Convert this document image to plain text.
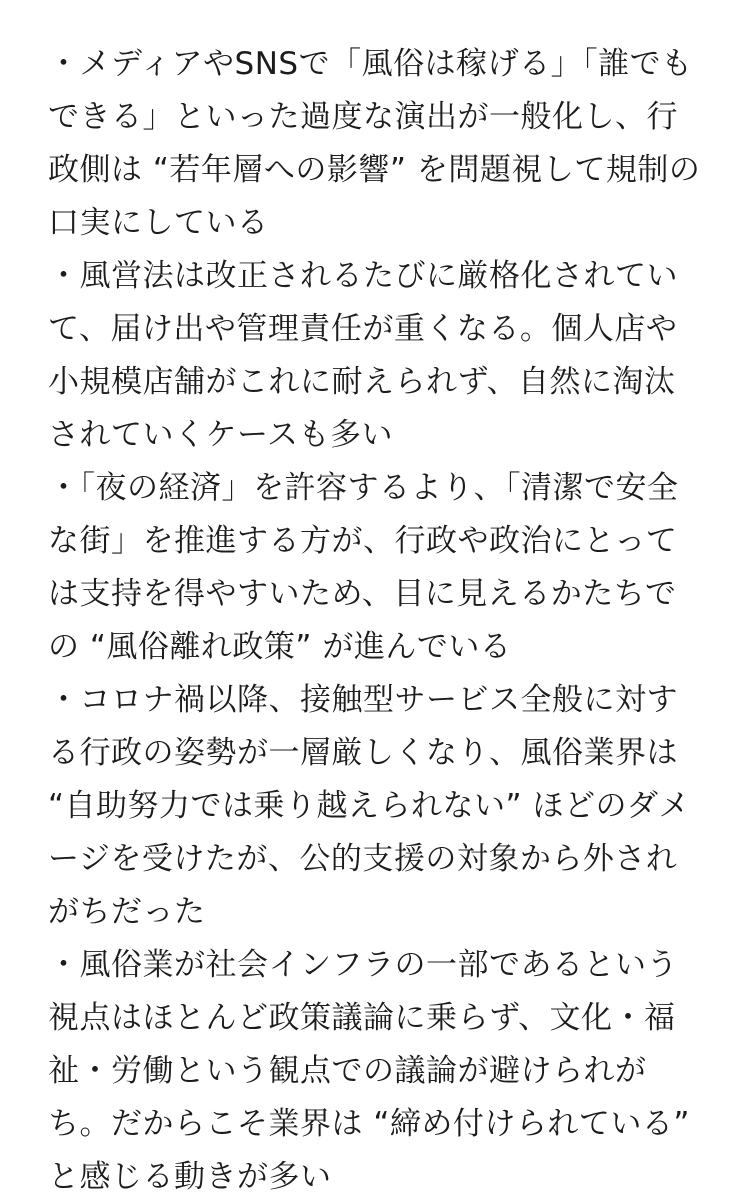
・メディアやSNSで「風俗は稼げる」「誰でも
できる」といった過度な演出が一般化し、行
政側は “若年層への影響” を問題視して規制の
口実にしている
・風営法は改正されるたびに厳格化されてい
て、届け出や管理責任が重くなる。個人店や
小規模店舗がこれに耐えられず、自然に淘汰
されていくケースも多い
・「夜の経済」を許容するより、「清潔で安全
な街」を推進する方が、行政や政治にとって
は支持を得やすいため、目に見えるかたちで
の “風俗離れ政策” が進んでいる
・コロナ禍以降、接触型サービス全般に対す
る行政の姿勢が一層厳しくなり、風俗業界は
“自助努力では乗り越えられない” ほどのダメ
ージを受けたが、公的支援の対象から外され
がちだった
・風俗業が社会インフラの一部であるという
視点はほとんど政策議論に乗らず、文化・福
祉・労働という観点での議論が避けられが
ち。だからこそ業界は “締め付けられている”
と感じる動きが多い
